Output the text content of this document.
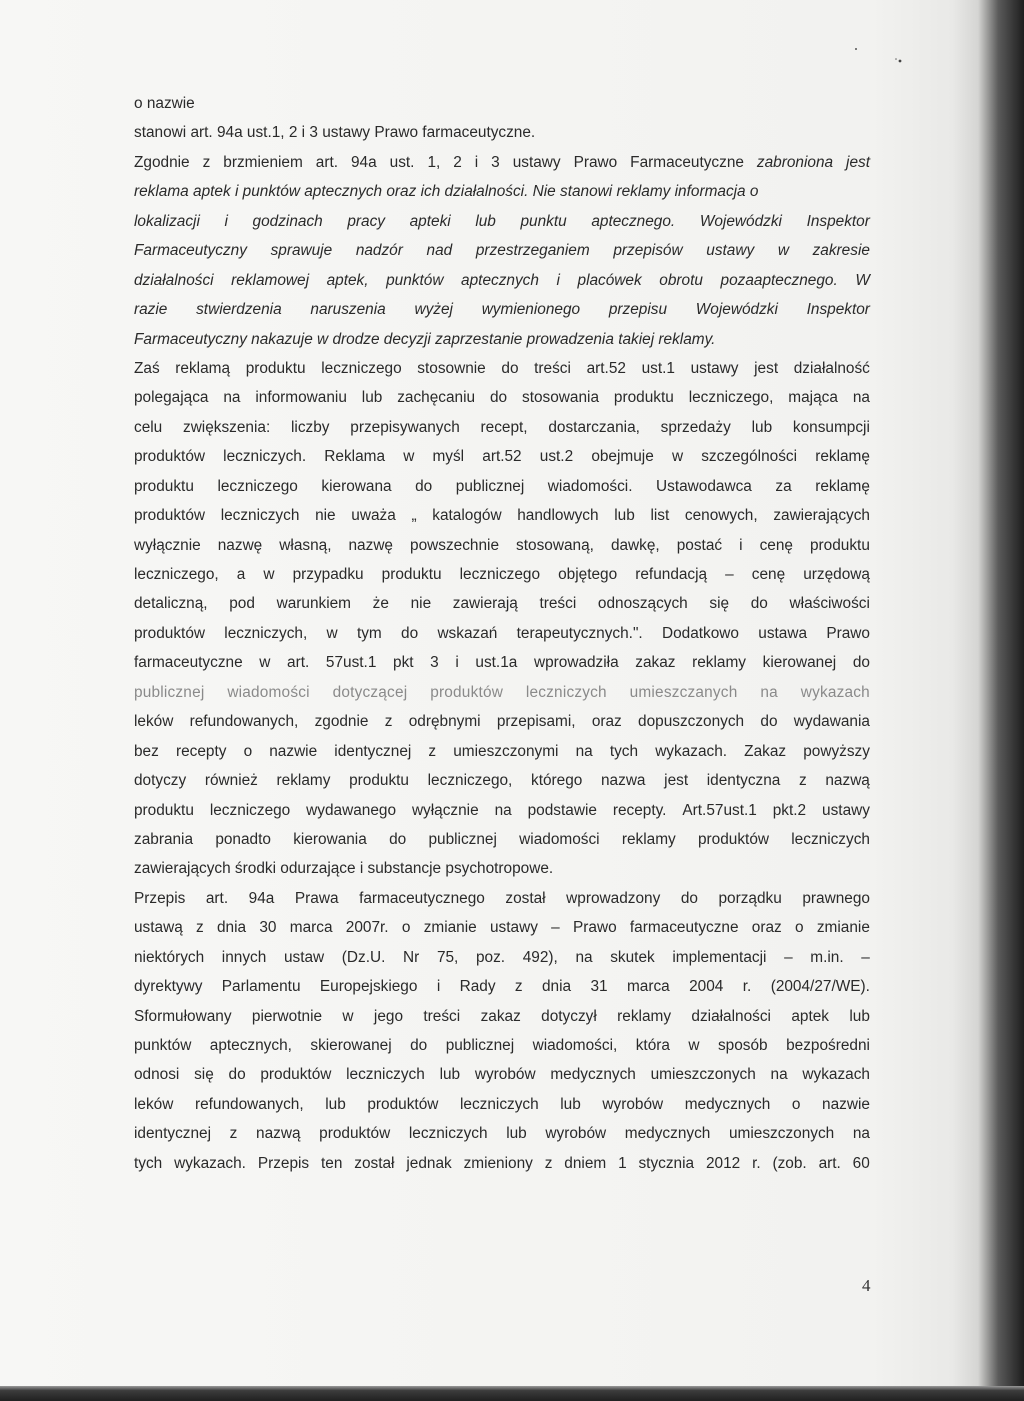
o nazwie
stanowi art. 94a ust.1, 2 i 3 ustawy Prawo farmaceutyczne.
Zgodnie z brzmieniem art. 94a ust. 1, 2 i 3 ustawy Prawo Farmaceutyczne zabroniona jest
reklama aptek i punktów aptecznych oraz ich działalności. Nie stanowi reklamy informacja o
lokalizacji i godzinach pracy apteki lub punktu aptecznego. Wojewódzki Inspektor
Farmaceutyczny sprawuje nadzór nad przestrzeganiem przepisów ustawy w zakresie
działalności reklamowej aptek, punktów aptecznych i placówek obrotu pozaaptecznego. W
razie stwierdzenia naruszenia wyżej wymienionego przepisu Wojewódzki Inspektor
Farmaceutyczny nakazuje w drodze decyzji zaprzestanie prowadzenia takiej reklamy.
Zaś reklamą produktu leczniczego stosownie do treści art.52 ust.1 ustawy jest działalność
polegająca na informowaniu lub zachęcaniu do stosowania produktu leczniczego, mająca na
celu zwiększenia: liczby przepisywanych recept, dostarczania, sprzedaży lub konsumpcji
produktów leczniczych. Reklama w myśl art.52 ust.2 obejmuje w szczególności reklamę
produktu leczniczego kierowana do publicznej wiadomości. Ustawodawca za reklamę
produktów leczniczych nie uważa „ katalogów handlowych lub list cenowych, zawierających
wyłącznie nazwę własną, nazwę powszechnie stosowaną, dawkę, postać i cenę produktu
leczniczego, a w przypadku produktu leczniczego objętego refundacją – cenę urzędową
detaliczną, pod warunkiem że nie zawierają treści odnoszących się do właściwości
produktów leczniczych, w tym do wskazań terapeutycznych.". Dodatkowo ustawa Prawo
farmaceutyczne w art. 57ust.1 pkt 3 i ust.1a wprowadziła zakaz reklamy kierowanej do
publicznej wiadomości dotyczącej produktów leczniczych umieszczanych na wykazach
leków refundowanych, zgodnie z odrębnymi przepisami, oraz dopuszczonych do wydawania
bez recepty o nazwie identycznej z umieszczonymi na tych wykazach. Zakaz powyższy
dotyczy również reklamy produktu leczniczego, którego nazwa jest identyczna z nazwą
produktu leczniczego wydawanego wyłącznie na podstawie recepty. Art.57ust.1 pkt.2 ustawy
zabrania ponadto kierowania do publicznej wiadomości reklamy produktów leczniczych
zawierających środki odurzające i substancje psychotropowe.
Przepis art. 94a Prawa farmaceutycznego został wprowadzony do porządku prawnego
ustawą z dnia 30 marca 2007r. o zmianie ustawy – Prawo farmaceutyczne oraz o zmianie
niektórych innych ustaw (Dz.U. Nr 75, poz. 492), na skutek implementacji – m.in. –
dyrektywy Parlamentu Europejskiego i Rady z dnia 31 marca 2004 r. (2004/27/WE).
Sformułowany pierwotnie w jego treści zakaz dotyczył reklamy działalności aptek lub
punktów aptecznych, skierowanej do publicznej wiadomości, która w sposób bezpośredni
odnosi się do produktów leczniczych lub wyrobów medycznych umieszczonych na wykazach
leków refundowanych, lub produktów leczniczych lub wyrobów medycznych o nazwie
identycznej z nazwą produktów leczniczych lub wyrobów medycznych umieszczonych na
tych wykazach. Przepis ten został jednak zmieniony z dniem 1 stycznia 2012 r. (zob. art. 60
4
